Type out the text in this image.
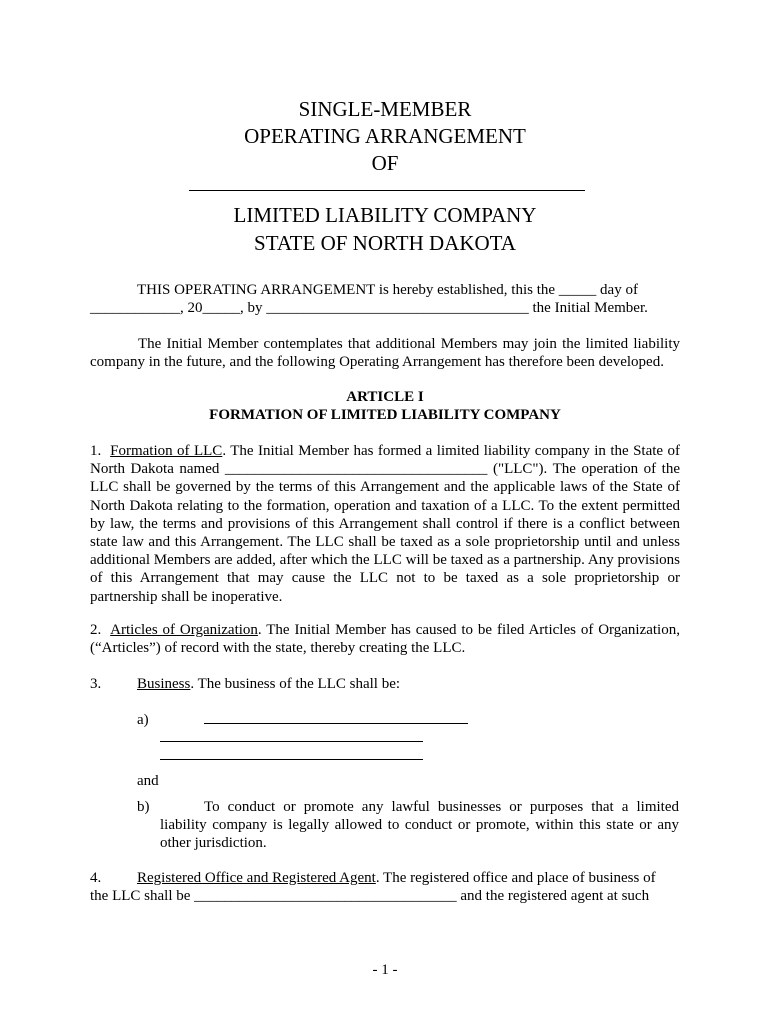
SINGLE-MEMBER
OPERATING ARRANGEMENT
OF
LIMITED LIABILITY COMPANY
STATE OF NORTH DAKOTA
THIS OPERATING ARRANGEMENT is hereby established, this the _____ day of
____________, 20_____, by ___________________________________ the Initial Member.
The Initial Member contemplates that additional Members may join the limited liability company in the future, and the following Operating Arrangement has therefore been developed.
ARTICLE I
FORMATION OF LIMITED LIABILITY COMPANY
1. Formation of LLC. The Initial Member has formed a limited liability company in the State of North Dakota named ___________________________________ ("LLC"). The operation of the LLC shall be governed by the terms of this Arrangement and the applicable laws of the State of North Dakota relating to the formation, operation and taxation of a LLC. To the extent permitted by law, the terms and provisions of this Arrangement shall control if there is a conflict between state law and this Arrangement. The LLC shall be taxed as a sole proprietorship until and unless additional Members are added, after which the LLC will be taxed as a partnership. Any provisions of this Arrangement that may cause the LLC not to be taxed as a sole proprietorship or partnership shall be inoperative.
2. Articles of Organization. The Initial Member has caused to be filed Articles of Organization, (“Articles”) of record with the state, thereby creating the LLC.
3. Business. The business of the LLC shall be:
a)
and
b)	To conduct or promote any lawful businesses or purposes that a limited liability company is legally allowed to conduct or promote, within this state or any other jurisdiction.
4. Registered Office and Registered Agent. The registered office and place of business of
the LLC shall be ___________________________________ and the registered agent at such
- 1 -
